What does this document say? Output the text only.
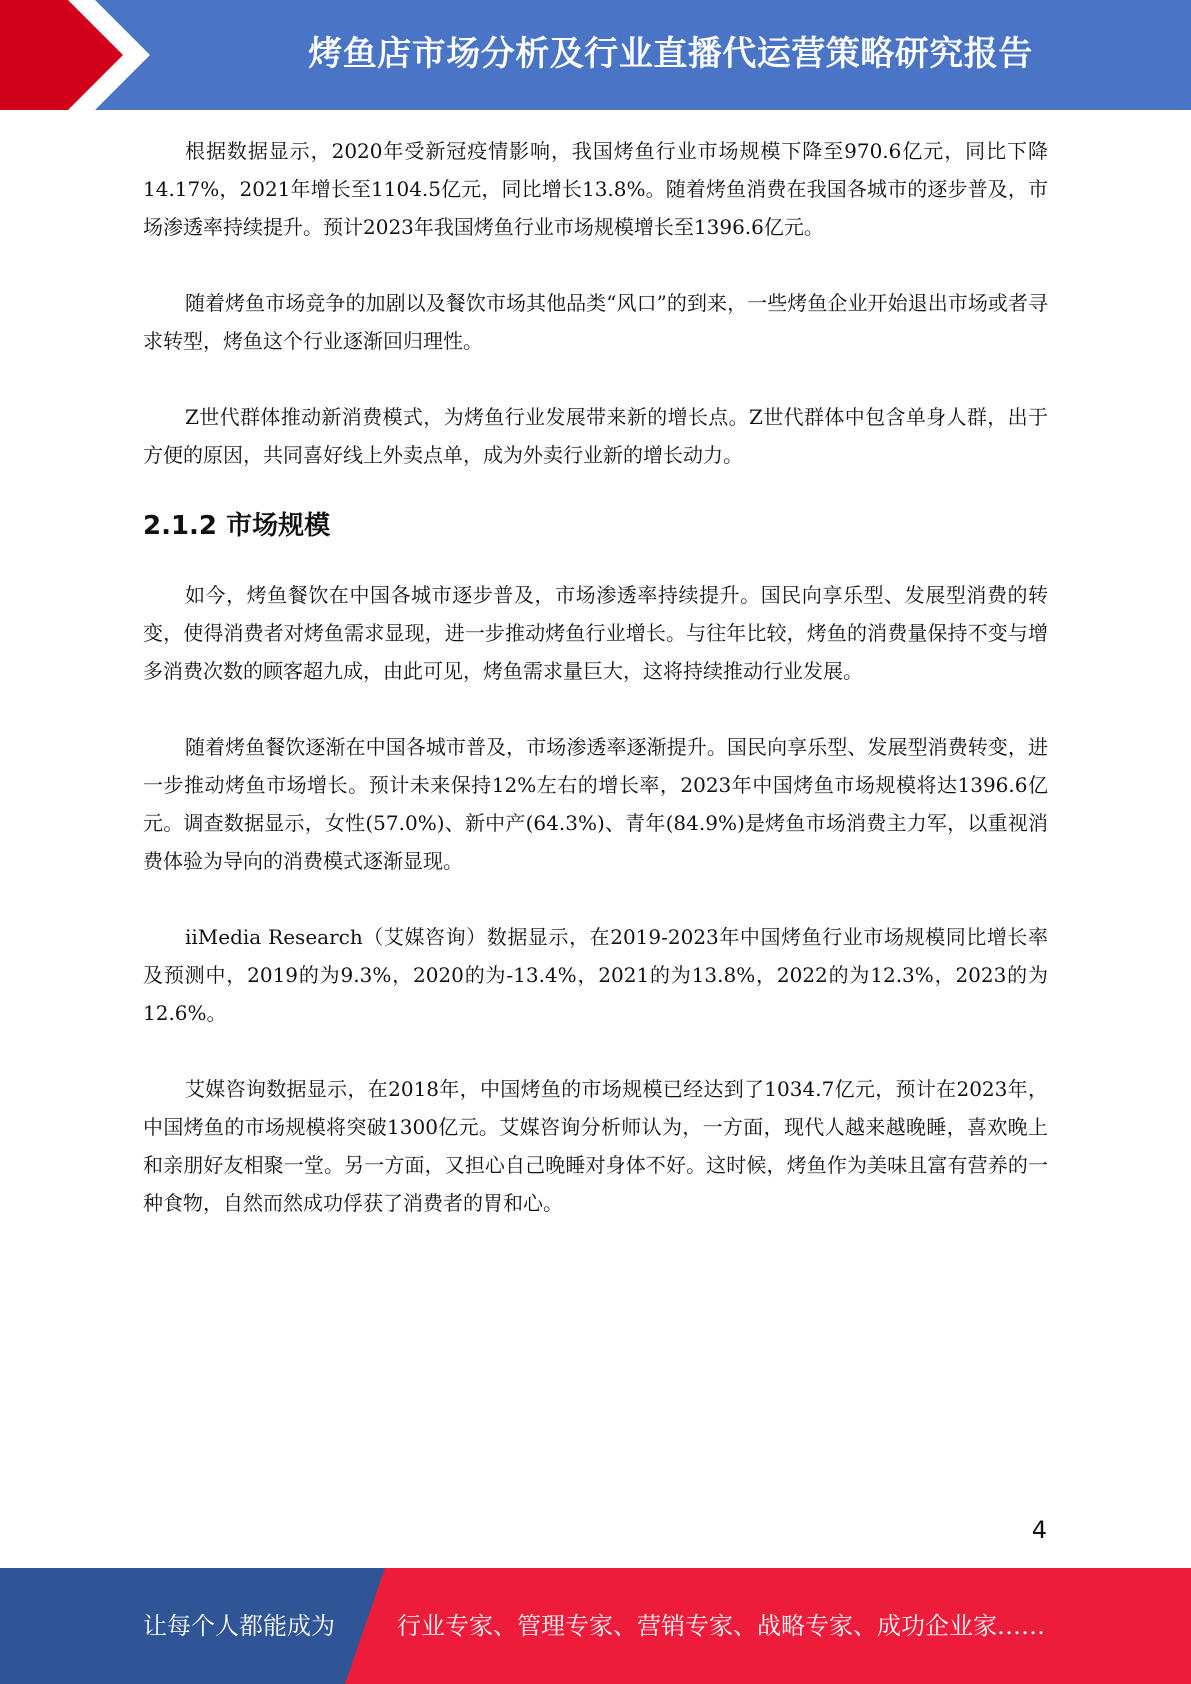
烤鱼店市场分析及行业直播代运营策略研究报告

根据数据显示，2020年受新冠疫情影响，我国烤鱼行业市场规模下降至970.6亿元，同比下降14.17%，2021年增长至1104.5亿元，同比增长13.8%。随着烤鱼消费在我国各城市的逐步普及，市场渗透率持续提升。预计2023年我国烤鱼行业市场规模增长至1396.6亿元。

随着烤鱼市场竞争的加剧以及餐饮市场其他品类“风口”的到来，一些烤鱼企业开始退出市场或者寻求转型，烤鱼这个行业逐渐回归理性。

Z世代群体推动新消费模式，为烤鱼行业发展带来新的增长点。Z世代群体中包含单身人群，出于方便的原因，共同喜好线上外卖点单，成为外卖行业新的增长动力。

2.1.2 市场规模

如今，烤鱼餐饮在中国各城市逐步普及，市场渗透率持续提升。国民向享乐型、发展型消费的转变，使得消费者对烤鱼需求显现，进一步推动烤鱼行业增长。与往年比较，烤鱼的消费量保持不变与增多消费次数的顾客超九成，由此可见，烤鱼需求量巨大，这将持续推动行业发展。

随着烤鱼餐饮逐渐在中国各城市普及，市场渗透率逐渐提升。国民向享乐型、发展型消费转变，进一步推动烤鱼市场增长。预计未来保持12%左右的增长率，2023年中国烤鱼市场规模将达1396.6亿元。调查数据显示，女性(57.0%)、新中产(64.3%)、青年(84.9%)是烤鱼市场消费主力军，以重视消费体验为导向的消费模式逐渐显现。

iiMedia Research（艾媒咨询）数据显示，在2019-2023年中国烤鱼行业市场规模同比增长率及预测中，2019的为9.3%，2020的为-13.4%，2021的为13.8%，2022的为12.3%，2023的为12.6%。

艾媒咨询数据显示，在2018年，中国烤鱼的市场规模已经达到了1034.7亿元，预计在2023年，中国烤鱼的市场规模将突破1300亿元。艾媒咨询分析师认为，一方面，现代人越来越晚睡，喜欢晚上和亲朋好友相聚一堂。另一方面，又担心自己晚睡对身体不好。这时候，烤鱼作为美味且富有营养的一种食物，自然而然成功俘获了消费者的胃和心。

4
让每个人都能成为	行业专家、管理专家、营销专家、战略专家、成功企业家……
